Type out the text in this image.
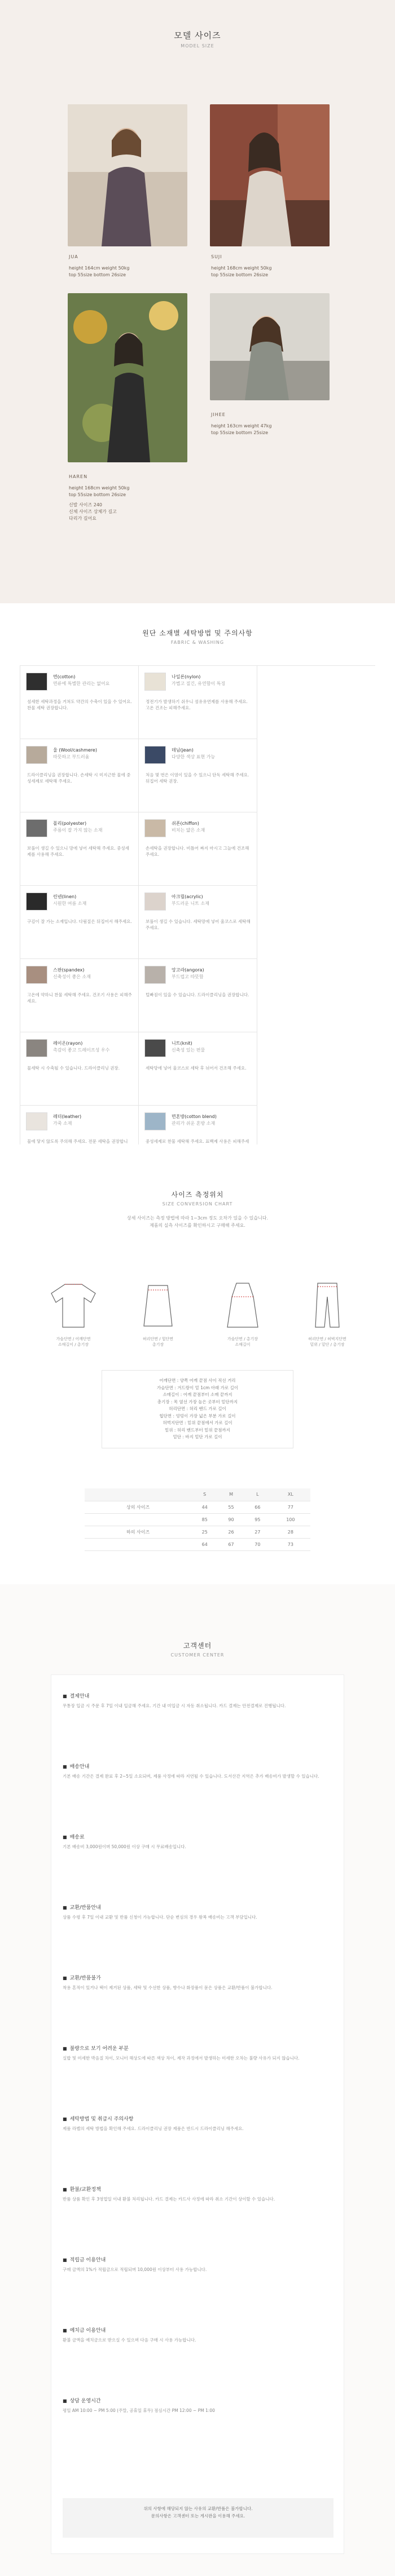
모델 사이즈
MODEL SIZE
JUA
height 164cm weight 50kg
top 55size bottom 26size
SUJI
height 168cm weight 50kg
top 55size bottom 26size
HAREN
height 168cm weight 50kg
top 55size bottom 26size
신발 사이즈 240
신체 사이즈 상체가 길고
다리가 길어요
JIHEE
height 163cm weight 47kg
top 55size bottom 25size
원단 소재별 세탁방법 및 주의사항
FABRIC & WASHING
면(cotton)
면류에 특별한 관리는 없어요
섬세한 세탁과정을 거쳐도 약간의 수축이 있을 수 있어요. 찬물 세탁 권장합니다.
나일론(nylon)
가볍고 질긴, 유연함이 특징
정전기가 발생하기 쉬우니 섬유유연제를 사용해 주세요. 고온 건조는 피해주세요.
울 (Wool/cashmere)
따뜻하고 부드러움
드라이클리닝을 권장합니다. 손세탁 시 미지근한 물에 중성세제로 세탁해 주세요.
데님(jean)
다양한 색상 표현 가능
처음 몇 번은 이염이 있을 수 있으니 단독 세탁해 주세요. 뒤집어 세탁 권장.
폴리(polyester)
주름이 잘 가지 않는 소재
보풀이 생길 수 있으니 망에 넣어 세탁해 주세요. 중성세제를 사용해 주세요.
쉬폰(chiffon)
비치는 얇은 소재
손세탁을 권장합니다. 비틀어 짜지 마시고 그늘에 건조해 주세요.
린넨(linen)
시원한 여름 소재
구김이 잘 가는 소재입니다. 다림질은 뒤집어서 해주세요.
아크릴(acrylic)
부드러운 니트 소재
보풀이 생길 수 있습니다. 세탁망에 넣어 울코스로 세탁해 주세요.
스판(spandex)
신축성이 좋은 소재
고온에 약하니 찬물 세탁해 주세요. 건조기 사용은 피해주세요.
앙고라(angora)
부드럽고 따뜻함
털빠짐이 있을 수 있습니다. 드라이클리닝을 권장합니다.
레이온(rayon)
촉감이 좋고 드레이프성 우수
물세탁 시 수축될 수 있습니다. 드라이클리닝 권장.
니트(knit)
신축성 있는 편물
세탁망에 넣어 울코스로 세탁 후 뉘어서 건조해 주세요.
레더(leather)
가죽 소재
물에 닿지 않도록 주의해 주세요. 전문 세탁을 권장합니
면혼방(cotton blend)
관리가 쉬운 혼방 소재
중성세제로 찬물 세탁해 주세요. 표백제 사용은 피해주세
사이즈 측정위치
SIZE CONVERSION CHART
상세 사이즈는 측정 방법에 따라 1~3cm 정도 오차가 있을 수 있습니다.
제품의 실측 사이즈를 확인하시고 구매해 주세요.
가슴단면 / 어깨단면
소매길이 / 총기장
허리단면 / 힙단면
총기장
가슴단면 / 총기장
소매길이
허리단면 / 허벅지단면
밑위 / 밑단 / 총기장
어깨단면 : 양쪽 어깨 끝점 사이 직선 거리
가슴단면 : 겨드랑이 밑 1cm 아래 가로 길이
소매길이 : 어깨 끝점부터 소매 끝까지
총기장 : 목 옆선 가장 높은 곳부터 밑단까지
허리단면 : 허리 밴드 가로 길이
힙단면 : 엉덩이 가장 넓은 부분 가로 길이
허벅지단면 : 밑위 끝점에서 가로 길이
밑위 : 허리 밴드부터 밑위 끝점까지
밑단 : 바지 밑단 가로 길이
	S	M	L	XL
상의 사이즈	44	55	66	77
	85	90	95	100
하의 사이즈	25	26	27	28
	64	67	70	73
고객센터
CUSTOMER CENTER
위의 사항에 해당되지 않는 사유의 교환/반품은 불가합니다.
문의사항은 고객센터 또는 게시판을 이용해 주세요.
■ 결제안내
무통장 입금 시 주문 후 7일 이내 입금해 주세요. 기간 내 미입금 시 자동 취소됩니다. 카드 결제는 안전결제로 진행됩니다.
■ 배송안내
기본 배송 기간은 결제 완료 후 2~5일 소요되며, 제품 사정에 따라 지연될 수 있습니다. 도서산간 지역은 추가 배송비가 발생할 수 있습니다.
■ 배송료
기본 배송비 3,000원이며 50,000원 이상 구매 시 무료배송입니다.
■ 교환/반품안내
상품 수령 후 7일 이내 교환 및 반품 신청이 가능합니다. 단순 변심의 경우 왕복 배송비는 고객 부담입니다.
■ 교환/반품불가
착용 흔적이 있거나 택이 제거된 상품, 세탁 및 수선한 상품, 향수나 화장품이 묻은 상품은 교환/반품이 불가합니다.
■ 불량으로 보기 어려운 부분
실밥 및 미세한 박음질 차이, 모니터 해상도에 따른 색상 차이, 제작 과정에서 발생하는 미세한 오차는 불량 사유가 되지 않습니다.
■ 세탁방법 및 취급시 주의사항
제품 라벨의 세탁 방법을 확인해 주세요. 드라이클리닝 권장 제품은 반드시 드라이클리닝 해주세요.
■ 환불/교환정책
반품 상품 확인 후 3영업일 이내 환불 처리됩니다. 카드 결제는 카드사 사정에 따라 취소 기간이 상이할 수 있습니다.
■ 적립금 이용안내
구매 금액의 1%가 적립금으로 적립되며 10,000원 이상부터 사용 가능합니다.
■ 예치금 이용안내
환불 금액을 예치금으로 받으실 수 있으며 다음 구매 시 사용 가능합니다.
■ 상담 운영시간
평일 AM 10:00 ~ PM 5:00 (주말, 공휴일 휴무) 점심시간 PM 12:00 ~ PM 1:00
